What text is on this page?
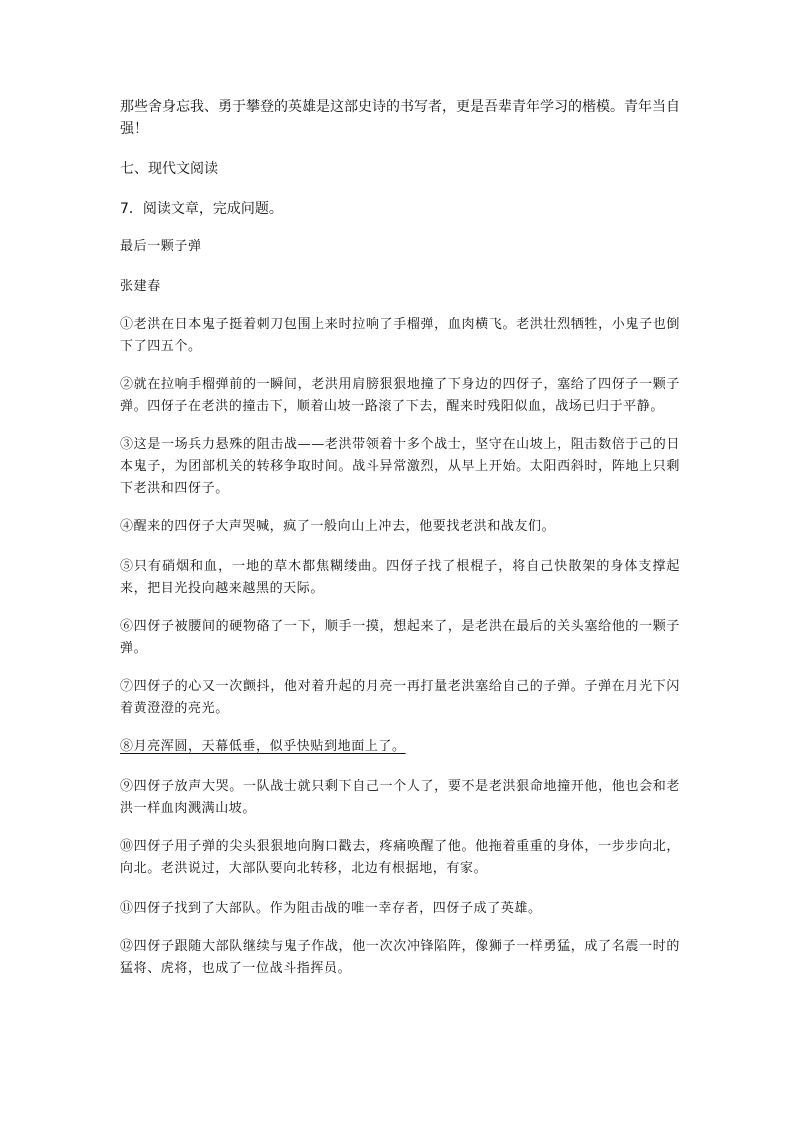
那些舍身忘我、勇于攀登的英雄是这部史诗的书写者，更是吾辈青年学习的楷模。青年当自强！

七、现代文阅读

7．阅读文章，完成问题。

最后一颗子弹

张建春

①老洪在日本鬼子挺着刺刀包围上来时拉响了手榴弹，血肉横飞。老洪壮烈牺牲，小鬼子也倒下了四五个。

②就在拉响手榴弹前的一瞬间，老洪用肩膀狠狠地撞了下身边的四伢子，塞给了四伢子一颗子弹。四伢子在老洪的撞击下，顺着山坡一路滚了下去，醒来时残阳似血，战场已归于平静。

③这是一场兵力悬殊的阻击战——老洪带领着十多个战士，坚守在山坡上，阻击数倍于己的日本鬼子，为团部机关的转移争取时间。战斗异常激烈，从早上开始。太阳西斜时，阵地上只剩下老洪和四伢子。

④醒来的四伢子大声哭喊，疯了一般向山上冲去，他要找老洪和战友们。

⑤只有硝烟和血，一地的草木都焦糊缕曲。四伢子找了根棍子，将自己快散架的身体支撑起来，把目光投向越来越黑的天际。

⑥四伢子被腰间的硬物硌了一下，顺手一摸，想起来了，是老洪在最后的关头塞给他的一颗子弹。

⑦四伢子的心又一次颤抖，他对着升起的月亮一再打量老洪塞给自己的子弹。子弹在月光下闪着黄澄澄的亮光。

⑧月亮浑圆，天幕低垂，似乎快贴到地面上了。

⑨四伢子放声大哭。一队战士就只剩下自己一个人了，要不是老洪狠命地撞开他，他也会和老洪一样血肉溅满山坡。

⑩四伢子用子弹的尖头狠狠地向胸口戳去，疼痛唤醒了他。他拖着重重的身体，一步步向北，向北。老洪说过，大部队要向北转移，北边有根据地，有家。

⑪四伢子找到了大部队。作为阻击战的唯一幸存者，四伢子成了英雄。

⑫四伢子跟随大部队继续与鬼子作战，他一次次冲锋陷阵，像狮子一样勇猛，成了名震一时的猛将、虎将，也成了一位战斗指挥员。
